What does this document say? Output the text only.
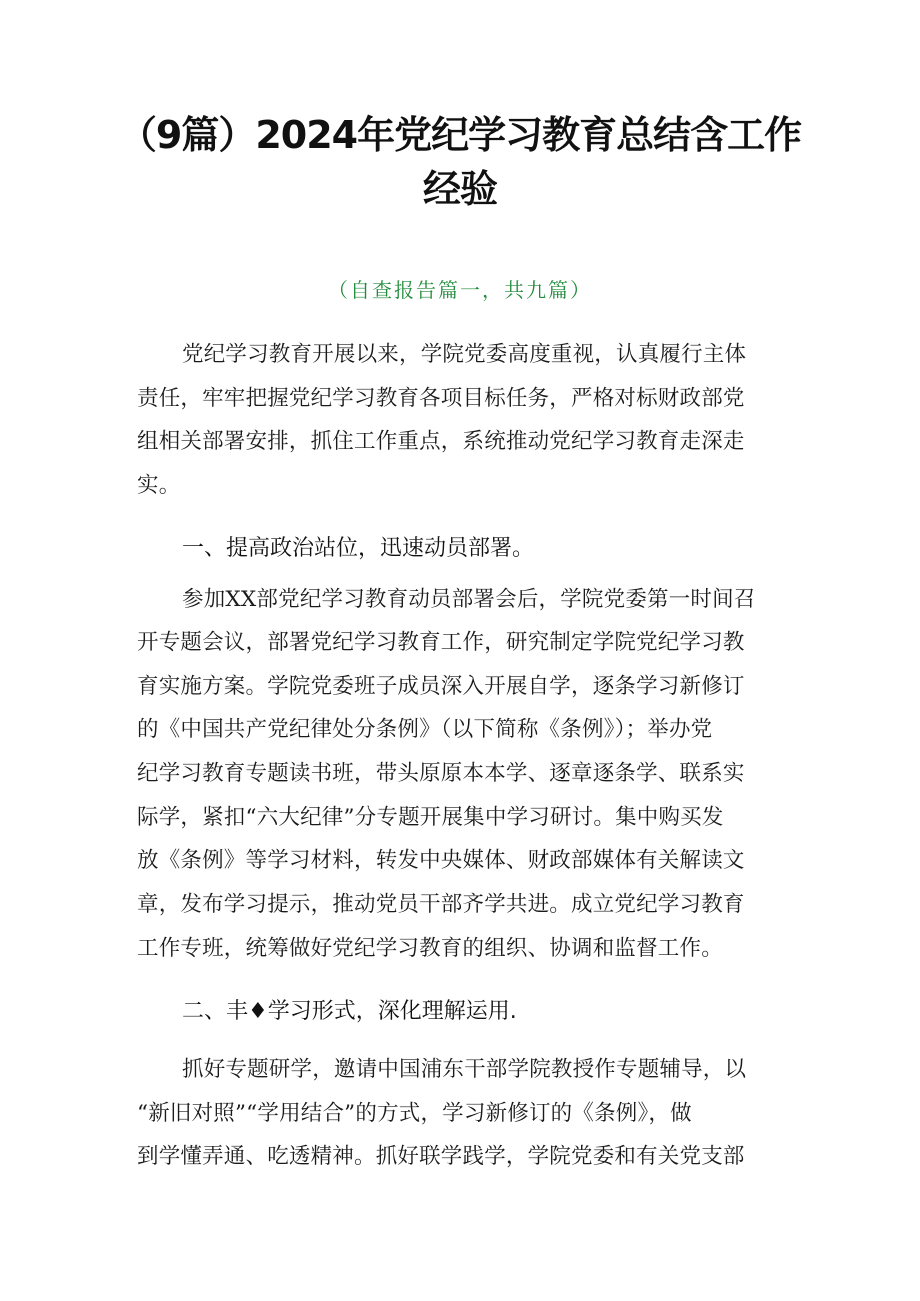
（9篇）2024年党纪学习教育总结含工作
经验
（自查报告篇一，共九篇）
党纪学习教育开展以来，学院党委高度重视，认真履行主体
责任，牢牢把握党纪学习教育各项目标任务，严格对标财政部党
组相关部署安排，抓住工作重点，系统推动党纪学习教育走深走
实。
一、提高政治站位，迅速动员部署。
参加XX部党纪学习教育动员部署会后，学院党委第一时间召
开专题会议，部署党纪学习教育工作，研究制定学院党纪学习教
育实施方案。学院党委班子成员深入开展自学，逐条学习新修订
的《中国共产党纪律处分条例》（以下简称《条例》）；举办党
纪学习教育专题读书班，带头原原本本学、逐章逐条学、联系实
际学，紧扣“六大纪律”分专题开展集中学习研讨。集中购买发
放《条例》等学习材料，转发中央媒体、财政部媒体有关解读文
章，发布学习提示，推动党员干部齐学共进。成立党纪学习教育
工作专班，统筹做好党纪学习教育的组织、协调和监督工作。
二、丰♦学习形式，深化理解运用.
抓好专题研学，邀请中国浦东干部学院教授作专题辅导，以
“新旧对照”“学用结合”的方式，学习新修订的《条例》，做
到学懂弄通、吃透精神。抓好联学践学，学院党委和有关党支部
